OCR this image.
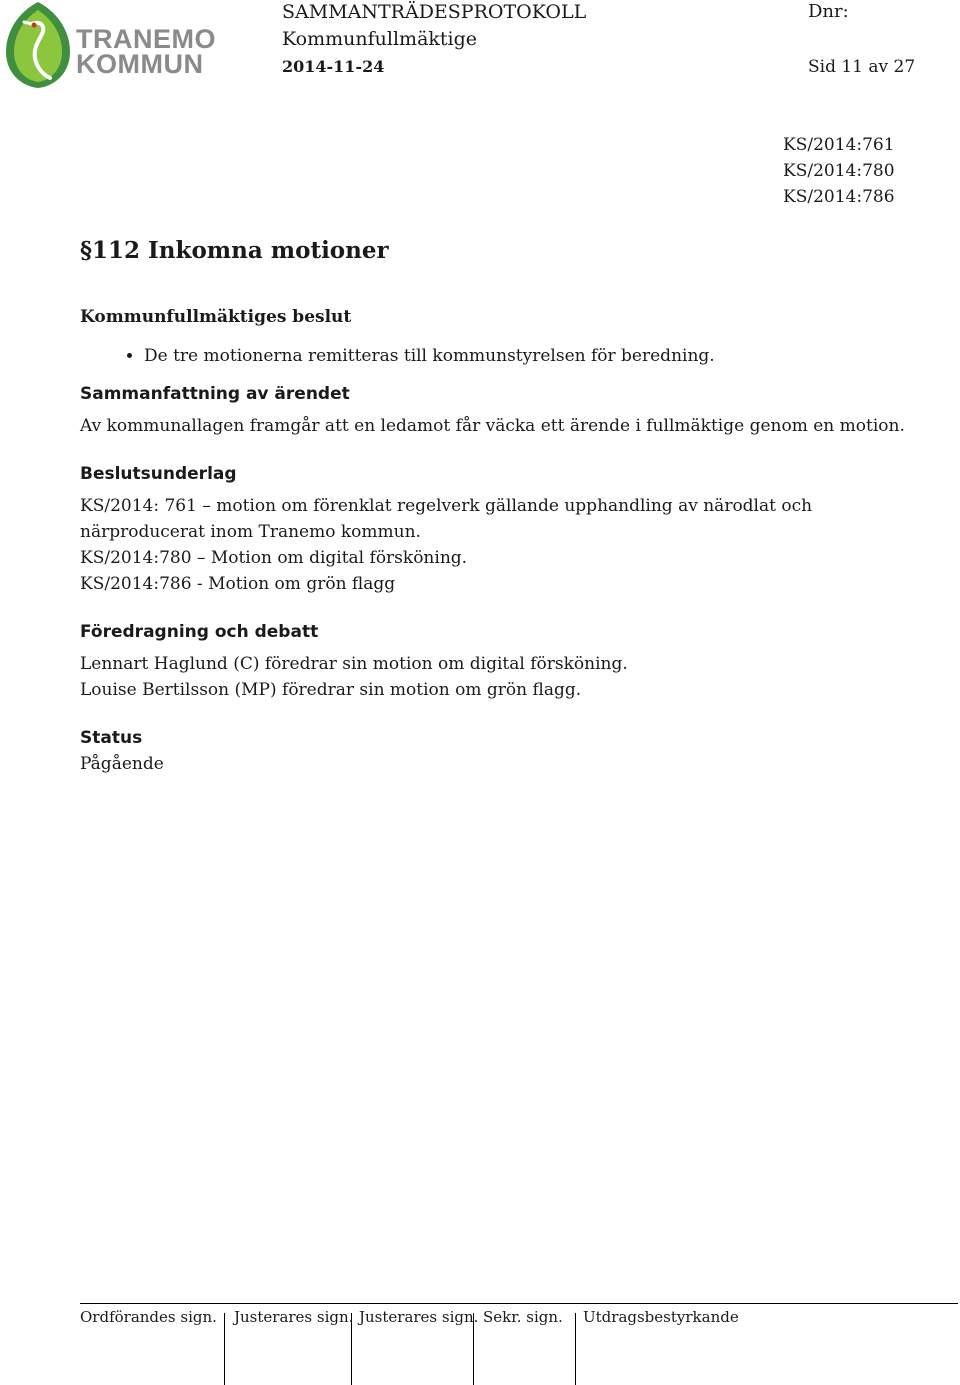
TRANEMO
KOMMUN
SAMMANTRÄDESPROTOKOLL
Kommunfullmäktige
2014-11-24
Dnr:
Sid 11 av 27
KS/2014:761
KS/2014:780
KS/2014:786
§112 Inkomna motioner
Kommunfullmäktiges beslut
• De tre motionerna remitteras till kommunstyrelsen för beredning.
Sammanfattning av ärendet

Av kommunallagen framgår att en ledamot får väcka ett ärende i fullmäktige genom en motion.

Beslutsunderlag

KS/2014: 761 – motion om förenklat regelverk gällande upphandling av närodlat och

närproducerat inom Tranemo kommun.

KS/2014:780 – Motion om digital försköning.

KS/2014:786 - Motion om grön flagg

Föredragning och debatt

Lennart Haglund (C) föredrar sin motion om digital försköning.

Louise Bertilsson (MP) föredrar sin motion om grön flagg.

Status

Pågående

Ordförandes sign. Justerares sign. Justerares sign. Sekr. sign. Utdragsbestyrkande
